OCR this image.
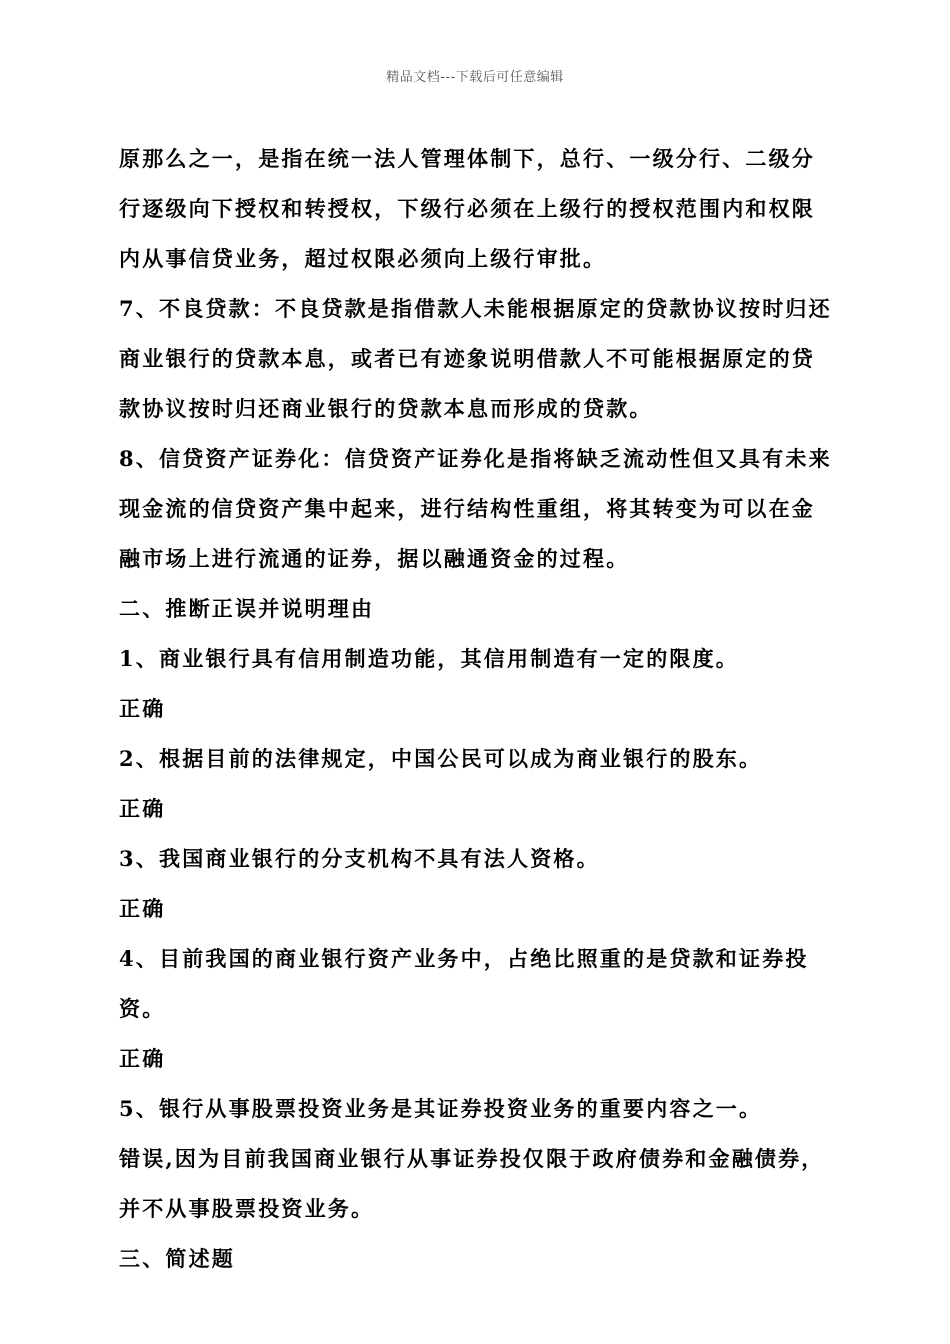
精品文档---下载后可任意编辑

原那么之一，是指在统一法人管理体制下，总行、一级分行、二级分行逐级向下授权和转授权，下级行必须在上级行的授权范围内和权限内从事信贷业务，超过权限必须向上级行审批。

7、不良贷款：不良贷款是指借款人未能根据原定的贷款协议按时归还商业银行的贷款本息，或者已有迹象说明借款人不可能根据原定的贷款协议按时归还商业银行的贷款本息而形成的贷款。

8、信贷资产证券化：信贷资产证券化是指将缺乏流动性但又具有未来现金流的信贷资产集中起来，进行结构性重组，将其转变为可以在金融市场上进行流通的证券，据以融通资金的过程。

二、推断正误并说明理由

1、商业银行具有信用制造功能，其信用制造有一定的限度。

正确

2、根据目前的法律规定，中国公民可以成为商业银行的股东。

正确

3、我国商业银行的分支机构不具有法人资格。

正确

4、目前我国的商业银行资产业务中，占绝比照重的是贷款和证券投资。

正确

5、银行从事股票投资业务是其证券投资业务的重要内容之一。

错误,因为目前我国商业银行从事证券投仅限于政府债券和金融债券，并不从事股票投资业务。

三、简述题
